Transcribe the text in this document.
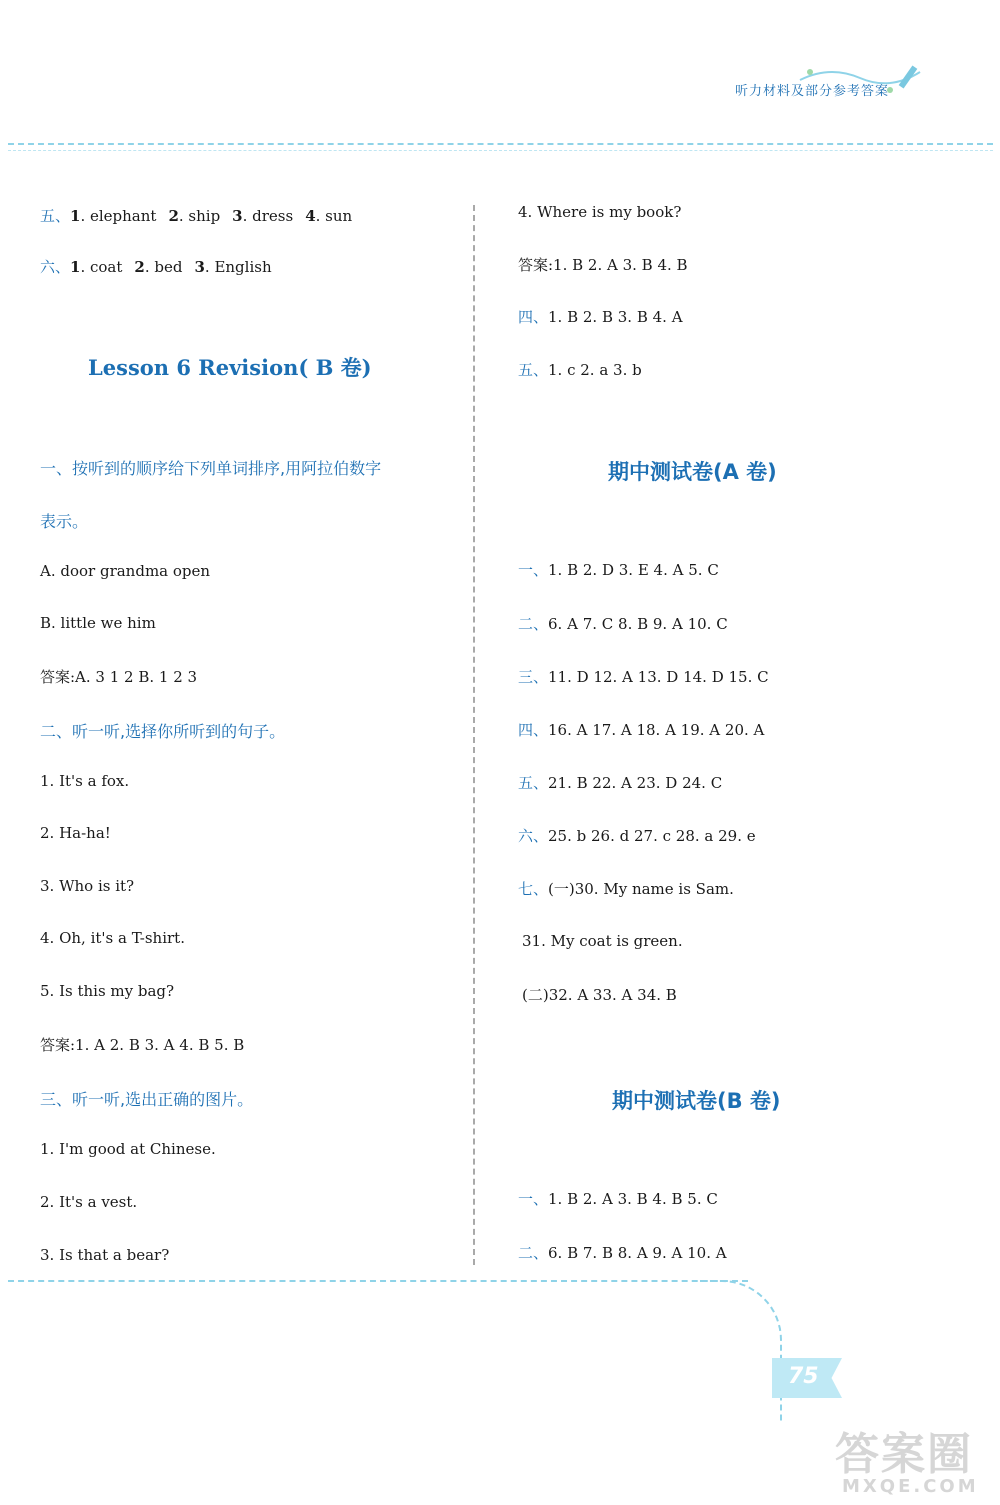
听力材料及部分参考答案
五、1. elephant 2. ship 3. dress 4. sun
六、1. coat 2. bed 3. English
Lesson 6 Revision( B 卷)
一、按听到的顺序给下列单词排序,用阿拉伯数字
表示。
A. door grandma open
B. little we him
答案:A. 3 1 2 B. 1 2 3
二、听一听,选择你所听到的句子。
1. It's a fox.
2. Ha-ha!
3. Who is it?
4. Oh, it's a T-shirt.
5. Is this my bag?
答案:1. A 2. B 3. A 4. B 5. B
三、听一听,选出正确的图片。
1. I'm good at Chinese.
2. It's a vest.
3. Is that a bear?
4. Where is my book?
答案:1. B 2. A 3. B 4. B
四、1. B 2. B 3. B 4. A
五、1. c 2. a 3. b
期中测试卷(A 卷)
一、1. B 2. D 3. E 4. A 5. C
二、6. A 7. C 8. B 9. A 10. C
三、11. D 12. A 13. D 14. D 15. C
四、16. A 17. A 18. A 19. A 20. A
五、21. B 22. A 23. D 24. C
六、25. b 26. d 27. c 28. a 29. e
七、(一)30. My name is Sam.
31. My coat is green.
(二)32. A 33. A 34. B
期中测试卷(B 卷)
一、1. B 2. A 3. B 4. B 5. C
二、6. B 7. B 8. A 9. A 10. A
75
答案圈
MXQE.COM
